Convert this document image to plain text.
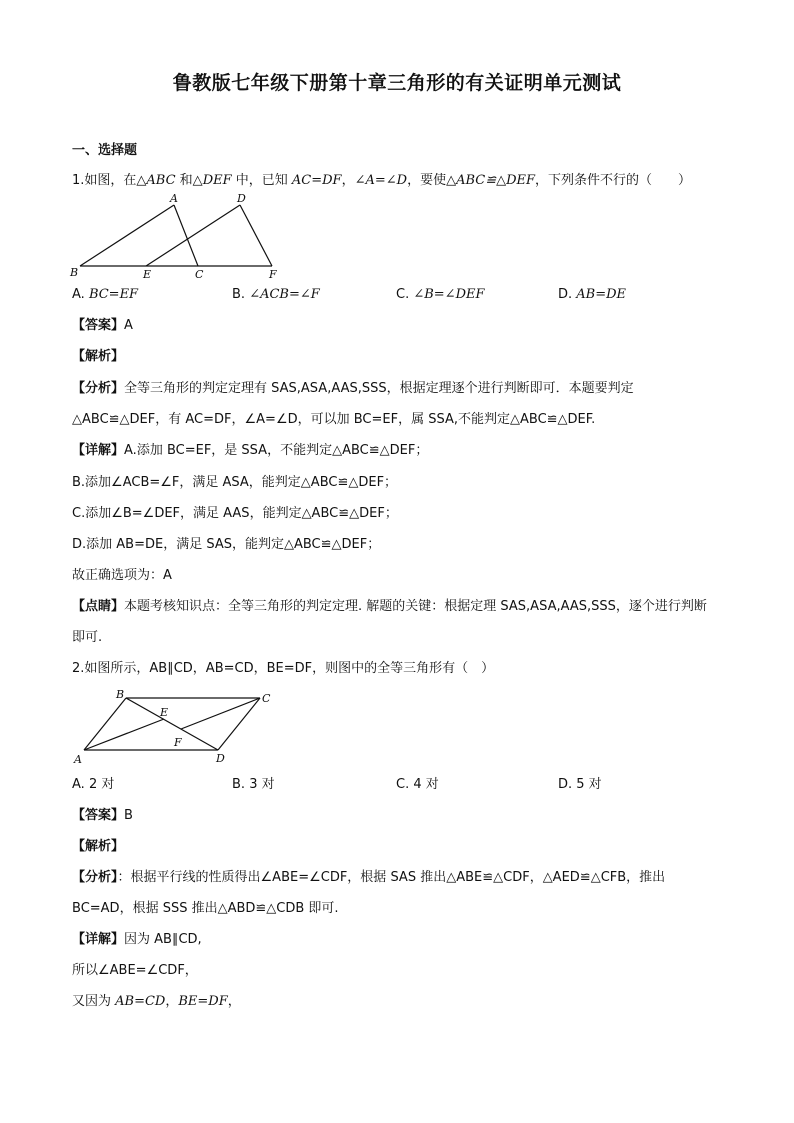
鲁教版七年级下册第十章三角形的有关证明单元测试
一、选择题
1.如图，在△ABC 和△DEF 中，已知 AC=DF，∠A=∠D，要使△ABC≌△DEF，下列条件不行的（　　）
A
B	C
D
E	F
A. BC=EF	B. ∠ACB=∠F	C. ∠B=∠DEF	D. AB=DE
【答案】A
【解析】
【分析】全等三角形的判定定理有 SAS,ASA,AAS,SSS，根据定理逐个进行判断即可．本题要判定
△ABC≌△DEF，有 AC=DF，∠A=∠D，可以加 BC=EF，属 SSA,不能判定△ABC≌△DEF.
【详解】A.添加 BC=EF，是 SSA，不能判定△ABC≌△DEF；
B.添加∠ACB=∠F，满足 ASA，能判定△ABC≌△DEF；
C.添加∠B=∠DEF，满足 AAS，能判定△ABC≌△DEF；
D.添加 AB=DE，满足 SAS，能判定△ABC≌△DEF；
故正确选项为：A
【点睛】本题考核知识点：全等三角形的判定定理. 解题的关键：根据定理 SAS,ASA,AAS,SSS，逐个进行判断
即可.
2.如图所示，AB∥CD，AB=CD，BE=DF，则图中的全等三角形有（　）
B	C
E
F
A	D
A. 2 对	B. 3 对	C. 4 对	D. 5 对
【答案】B
【解析】
【分析】：根据平行线的性质得出∠ABE=∠CDF，根据 SAS 推出△ABE≌△CDF，△AED≌△CFB，推出
BC=AD，根据 SSS 推出△ABD≌△CDB 即可.
【详解】因为 AB∥CD,
所以∠ABE=∠CDF，
又因为 AB=CD，BE=DF，
